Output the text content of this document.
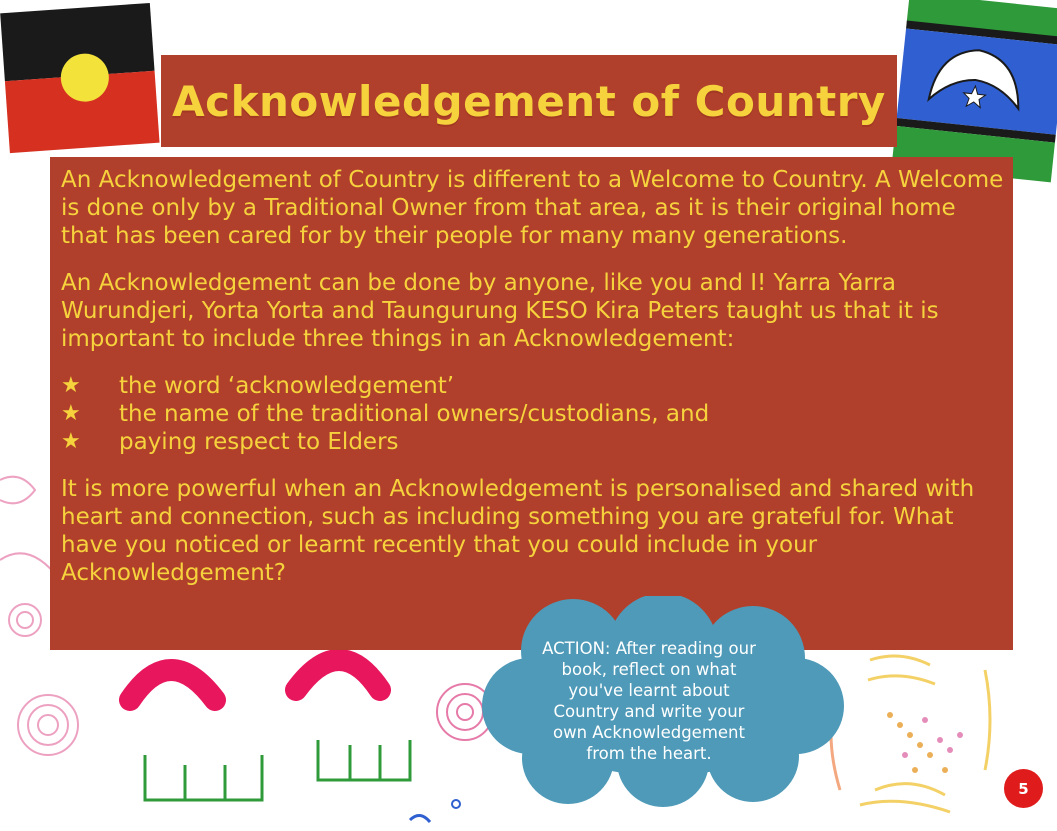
Acknowledgement of Country

An Acknowledgement of Country is different to a Welcome to Country. A Welcome is done only by a Traditional Owner from that area, as it is their original home that has been cared for by their people for many many generations.

An Acknowledgement can be done by anyone, like you and I! Yarra Yarra Wurundjeri, Yorta Yorta and Taungurung KESO Kira Peters taught us that it is important to include three things in an Acknowledgement:

★	the word ‘acknowledgement’
★	the name of the traditional owners/custodians, and
★	paying respect to Elders

It is more powerful when an Acknowledgement is personalised and shared with heart and connection, such as including something you are grateful for. What have you noticed or learnt recently that you could include in your Acknowledgement?

ACTION: After reading our book, reflect on what you've learnt about Country and write your own Acknowledgement from the heart.

5
